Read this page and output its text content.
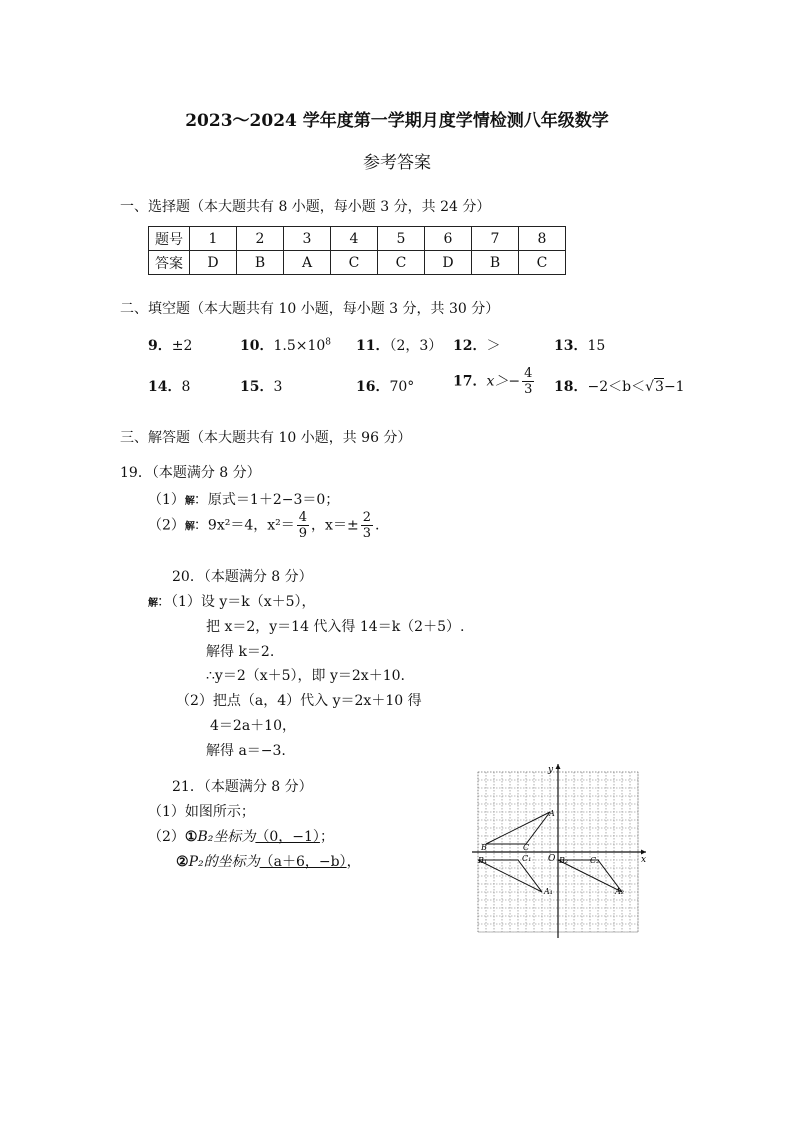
2023～2024 学年度第一学期月度学情检测八年级数学
参考答案
一、选择题（本大题共有 8 小题，每小题 3 分，共 24 分）
题号	1	2	3	4	5	6	7	8
答案	D	B	A	C	C	D	B	C
二、填空题（本大题共有 10 小题，每小题 3 分，共 30 分）
9．±2	10．$1.5\times 10^8$ 11．（2，3） 12．＞	13．15
14．8	15．3	16．70°	17．$x>- \frac{4}{3} 18$．−2＜b＜√3−1
三、解答题（本大题共有 10 小题，共 96 分）
19．（本题满分 8 分）
（1）解：原式＝1＋2−3＝0；
（2）解：9x²＝4，$x^2= \frac{4}{9}$ ，$x=\pm \frac{2}{3}$ .
20．（本题满分 8 分）
解：（1）设 y＝k（x＋5），
把 x＝2，y＝14 代入得 14＝k（2＋5）.
解得 k＝2.
∴y＝2（x＋5），即 y＝2x＋10.
（2）把点（a，4）代入 y＝2x＋10 得
4＝2a＋10，
解得 a＝−3.
21．（本题满分 8 分）
（1）如图所示；
（2）①B₂坐标为（0，−1）；
②P₂的坐标为（a＋6，−b），
y
x
O
A
B	C
B₁	C₁
A₁
B₂	C₂
A₂
